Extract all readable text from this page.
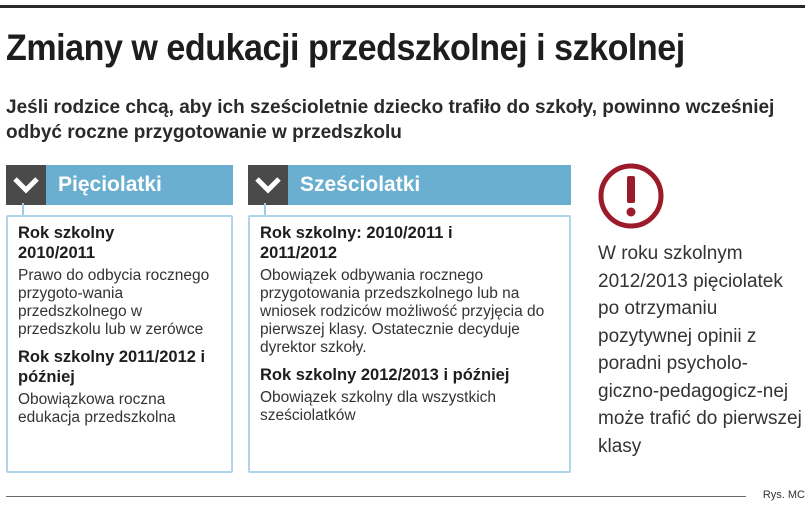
Zmiany w edukacji przedszkolnej i szkolnej

Jeśli rodzice chcą, aby ich sześcioletnie dziecko trafiło do szkoły, powinno wcześniej odbyć roczne przygotowanie w przedszkolu

Pięciolatki
Rok szkolny 2010/2011
Prawo do odbycia rocznego przygoto-wania przedszkolnego w przedszkolu lub w zerówce
Rok szkolny 2011/2012 i później
Obowiązkowa roczna edukacja przedszkolna
Sześciolatki
Rok szkolny: 2010/2011 i 2011/2012
Obowiązek odbywania rocznego przygotowania przedszkolnego lub na wniosek rodziców możliwość przyjęcia do pierwszej klasy. Ostatecznie decyduje dyrektor szkoły.
Rok szkolny 2012/2013 i później
Obowiązek szkolny dla wszystkich sześciolatków
W roku szkolnym 2012/2013 pięciolatek po otrzymaniu pozytywnej opinii z poradni psycholo-giczno-pedagogicz-nej może trafić do pierwszej klasy
Rys. MC
